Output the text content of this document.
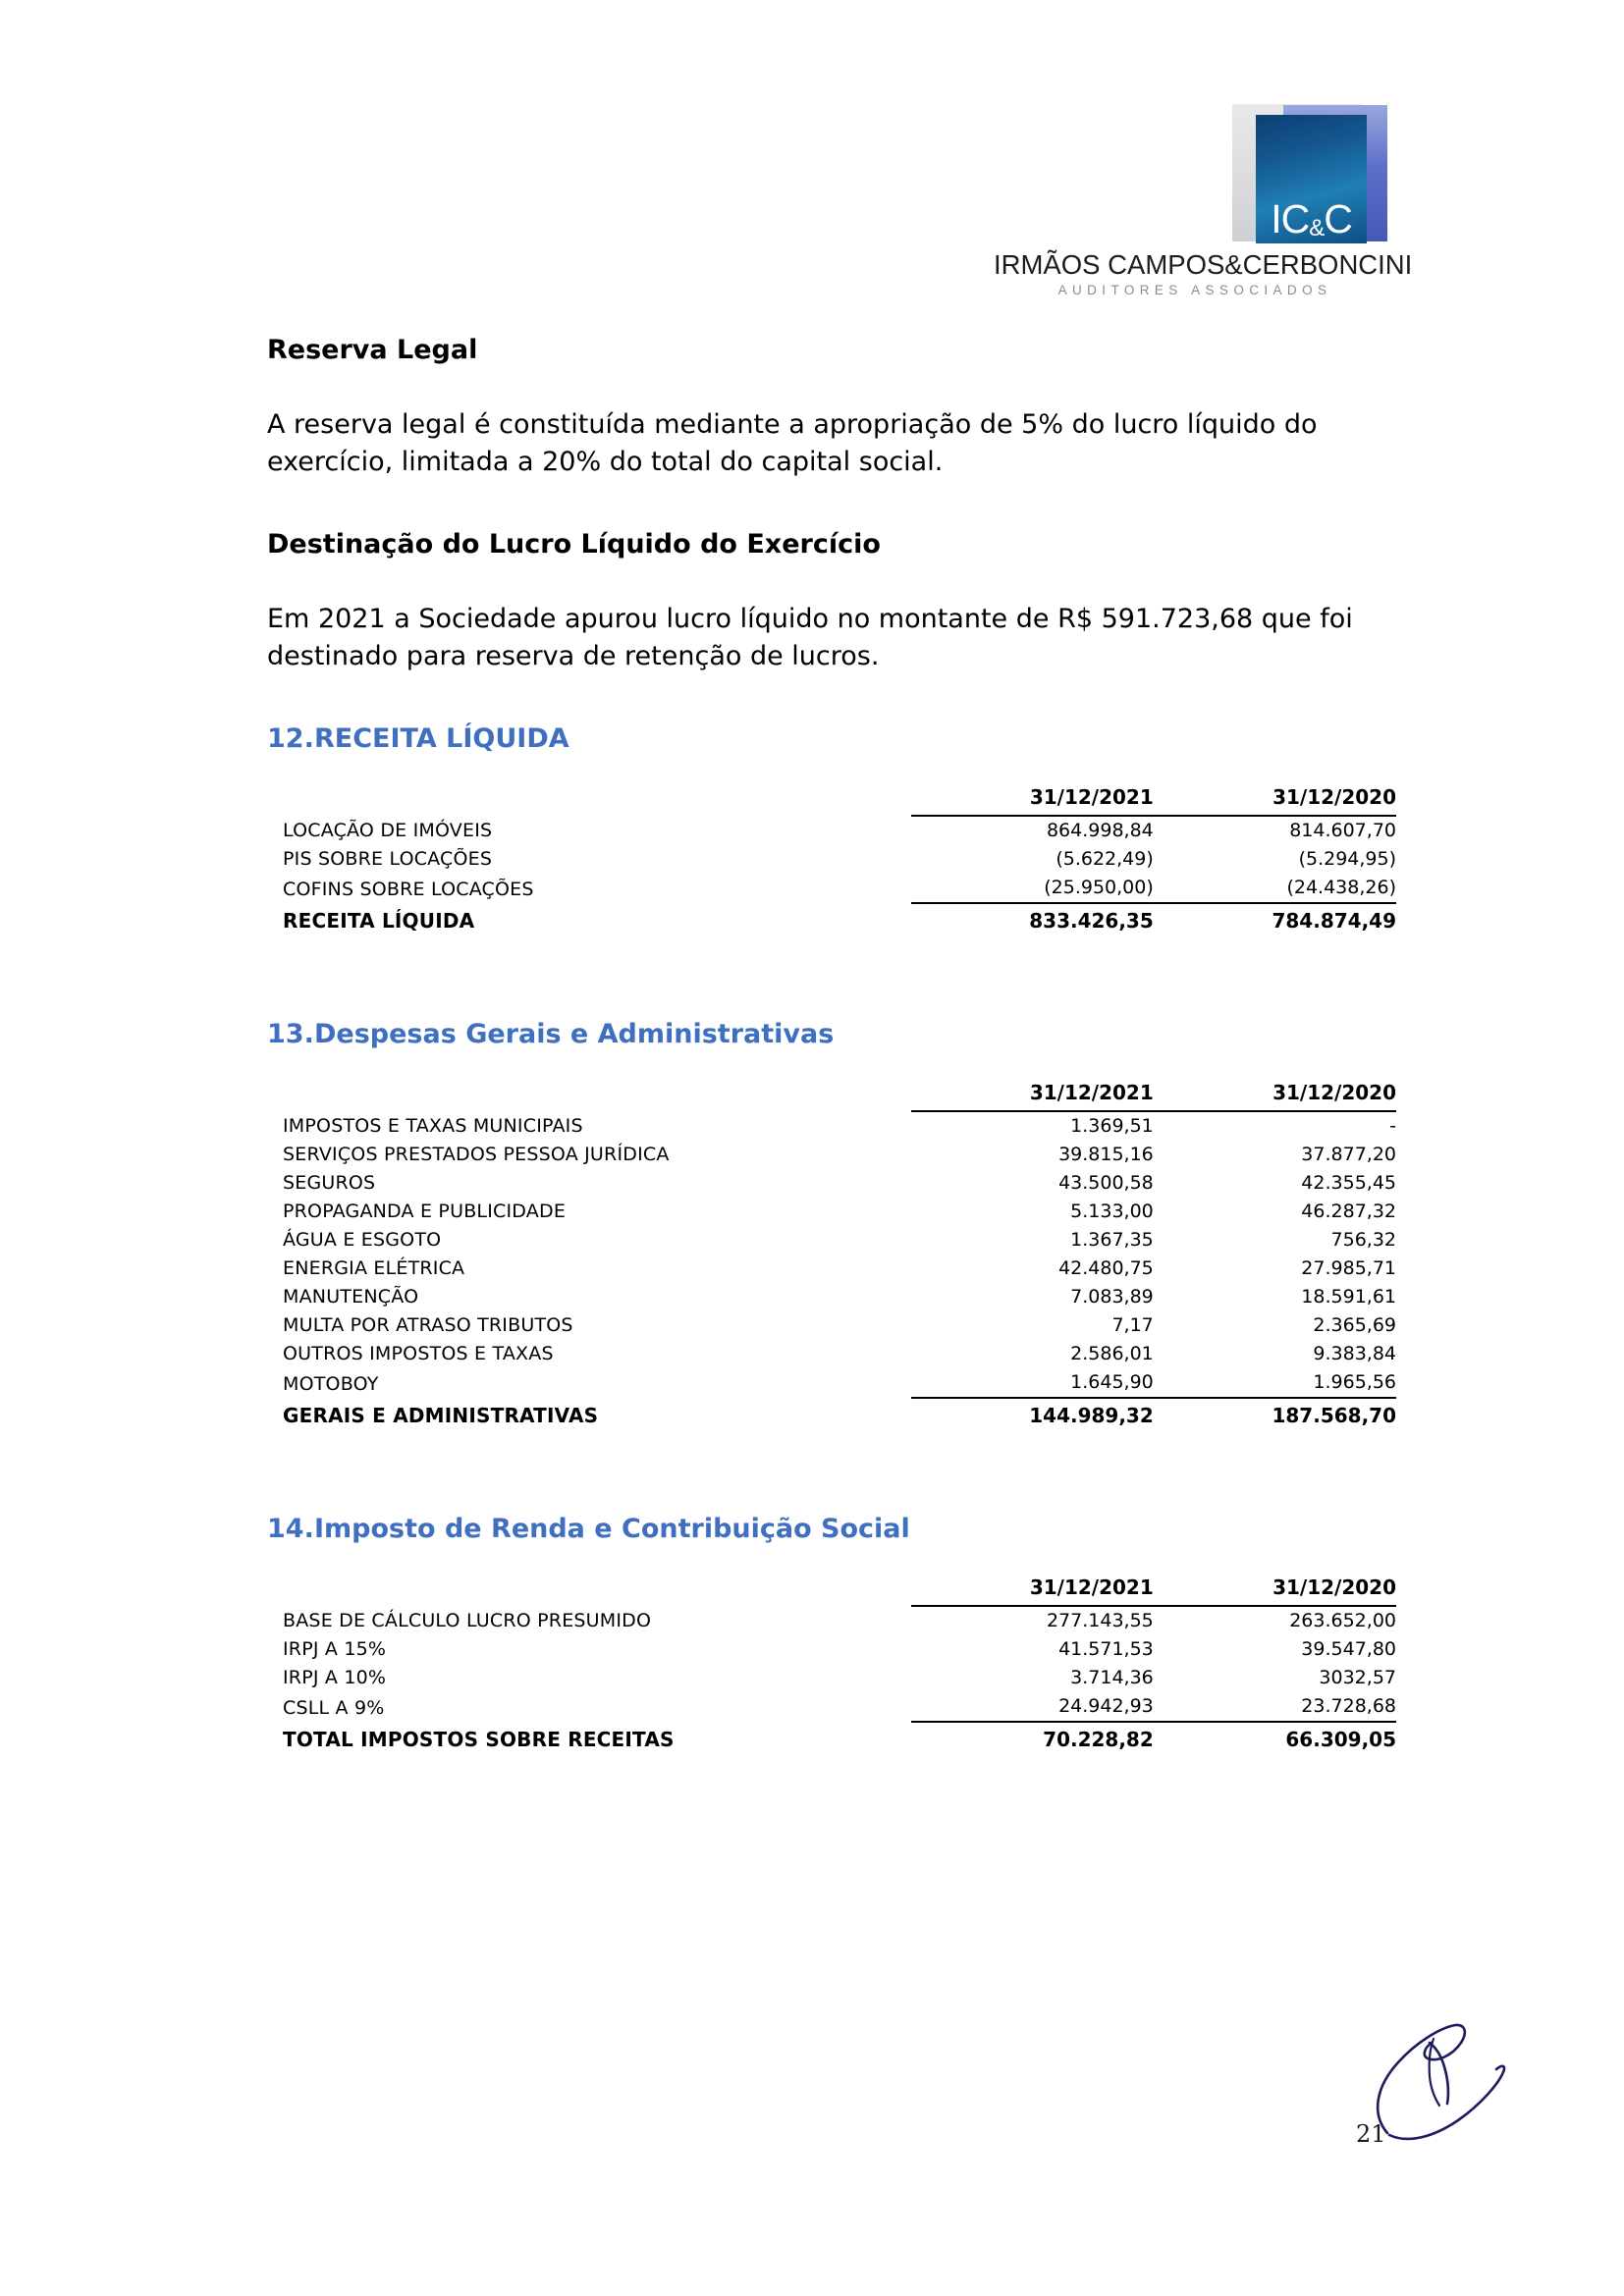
IC&C
IRMÃOS CAMPOS&CERBONCINI
AUDITORES ASSOCIADOS
Reserva Legal

A reserva legal é constituída mediante a apropriação de 5% do lucro líquido do exercício, limitada a 20% do total do capital social.

Destinação do Lucro Líquido do Exercício

Em 2021 a Sociedade apurou lucro líquido no montante de R$ 591.723,68 que foi destinado para reserva de retenção de lucros.

12. RECEITA LÍQUIDA
	31/12/2021	31/12/2020
LOCAÇÃO DE IMÓVEIS	864.998,84	814.607,70
PIS SOBRE LOCAÇÕES	(5.622,49)	(5.294,95)
COFINS SOBRE LOCAÇÕES	(25.950,00)	(24.438,26)
RECEITA LÍQUIDA	833.426,35	784.874,49
13. Despesas Gerais e Administrativas
	31/12/2021	31/12/2020
IMPOSTOS E TAXAS MUNICIPAIS	1.369,51	-
SERVIÇOS PRESTADOS PESSOA JURÍDICA	39.815,16	37.877,20
SEGUROS	43.500,58	42.355,45
PROPAGANDA E PUBLICIDADE	5.133,00	46.287,32
ÁGUA E ESGOTO	1.367,35	756,32
ENERGIA ELÉTRICA	42.480,75	27.985,71
MANUTENÇÃO	7.083,89	18.591,61
MULTA POR ATRASO TRIBUTOS	7,17	2.365,69
OUTROS IMPOSTOS E TAXAS	2.586,01	9.383,84
MOTOBOY	1.645,90	1.965,56
GERAIS E ADMINISTRATIVAS	144.989,32	187.568,70
14. Imposto de Renda e Contribuição Social
	31/12/2021	31/12/2020
BASE DE CÁLCULO LUCRO PRESUMIDO	277.143,55	263.652,00
IRPJ A 15%	41.571,53	39.547,80
IRPJ A 10%	3.714,36	3032,57
CSLL A 9%	24.942,93	23.728,68
TOTAL IMPOSTOS SOBRE RECEITAS	70.228,82	66.309,05
21
